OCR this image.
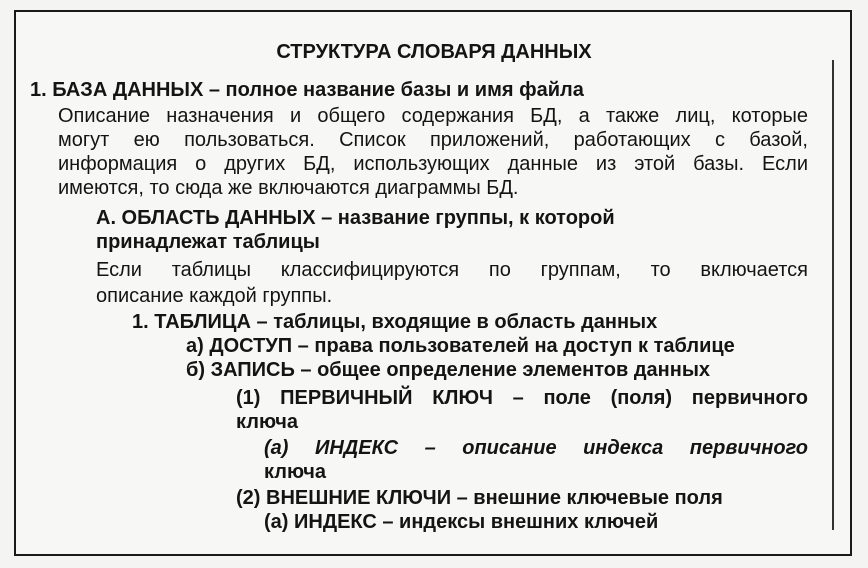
СТРУКТУРА СЛОВАРЯ ДАННЫХ
1. БАЗА ДАННЫХ – полное название базы и имя файла
Описание назначения и общего содержания БД, а также лиц, которые
могут ею пользоваться. Список приложений, работающих с базой,
информация о других БД, использующих данные из этой базы. Если
имеются, то сюда же включаются диаграммы БД.
А. ОБЛАСТЬ ДАННЫХ – название группы, к которой
принадлежат таблицы
Если таблицы классифицируются по группам, то включается
описание каждой группы.
1. ТАБЛИЦА – таблицы, входящие в область данных
а) ДОСТУП – права пользователей на доступ к таблице
б) ЗАПИСЬ – общее определение элементов данных
(1) ПЕРВИЧНЫЙ КЛЮЧ – поле (поля) первичного
ключа
(а) ИНДЕКС – описание индекса первичного
ключа
(2) ВНЕШНИЕ КЛЮЧИ – внешние ключевые поля
(а) ИНДЕКС – индексы внешних ключей
